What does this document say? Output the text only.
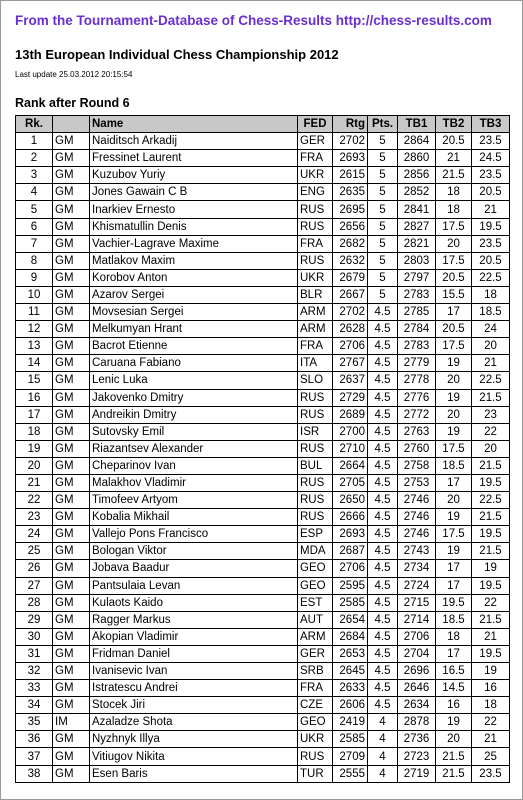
From the Tournament-Database of Chess-Results http://chess-results.com
13th European Individual Chess Championship 2012
Last update 25.03.2012 20:15:54
Rank after Round 6
Rk.		Name	FED	Rtg	Pts.	TB1	TB2	TB3
1	GM	Naiditsch Arkadij	GER	2702	5	2864	20.5	23.5
2	GM	Fressinet Laurent	FRA	2693	5	2860	21	24.5
3	GM	Kuzubov Yuriy	UKR	2615	5	2856	21.5	23.5
4	GM	Jones Gawain C B	ENG	2635	5	2852	18	20.5
5	GM	Inarkiev Ernesto	RUS	2695	5	2841	18	21
6	GM	Khismatullin Denis	RUS	2656	5	2827	17.5	19.5
7	GM	Vachier-Lagrave Maxime	FRA	2682	5	2821	20	23.5
8	GM	Matlakov Maxim	RUS	2632	5	2803	17.5	20.5
9	GM	Korobov Anton	UKR	2679	5	2797	20.5	22.5
10	GM	Azarov Sergei	BLR	2667	5	2783	15.5	18
11	GM	Movsesian Sergei	ARM	2702	4.5	2785	17	18.5
12	GM	Melkumyan Hrant	ARM	2628	4.5	2784	20.5	24
13	GM	Bacrot Etienne	FRA	2706	4.5	2783	17.5	20
14	GM	Caruana Fabiano	ITA	2767	4.5	2779	19	21
15	GM	Lenic Luka	SLO	2637	4.5	2778	20	22.5
16	GM	Jakovenko Dmitry	RUS	2729	4.5	2776	19	21.5
17	GM	Andreikin Dmitry	RUS	2689	4.5	2772	20	23
18	GM	Sutovsky Emil	ISR	2700	4.5	2763	19	22
19	GM	Riazantsev Alexander	RUS	2710	4.5	2760	17.5	20
20	GM	Cheparinov Ivan	BUL	2664	4.5	2758	18.5	21.5
21	GM	Malakhov Vladimir	RUS	2705	4.5	2753	17	19.5
22	GM	Timofeev Artyom	RUS	2650	4.5	2746	20	22.5
23	GM	Kobalia Mikhail	RUS	2666	4.5	2746	19	21.5
24	GM	Vallejo Pons Francisco	ESP	2693	4.5	2746	17.5	19.5
25	GM	Bologan Viktor	MDA	2687	4.5	2743	19	21.5
26	GM	Jobava Baadur	GEO	2706	4.5	2734	17	19
27	GM	Pantsulaia Levan	GEO	2595	4.5	2724	17	19.5
28	GM	Kulaots Kaido	EST	2585	4.5	2715	19.5	22
29	GM	Ragger Markus	AUT	2654	4.5	2714	18.5	21.5
30	GM	Akopian Vladimir	ARM	2684	4.5	2706	18	21
31	GM	Fridman Daniel	GER	2653	4.5	2704	17	19.5
32	GM	Ivanisevic Ivan	SRB	2645	4.5	2696	16.5	19
33	GM	Istratescu Andrei	FRA	2633	4.5	2646	14.5	16
34	GM	Stocek Jiri	CZE	2606	4.5	2634	16	18
35	IM	Azaladze Shota	GEO	2419	4	2878	19	22
36	GM	Nyzhnyk Illya	UKR	2585	4	2736	20	21
37	GM	Vitiugov Nikita	RUS	2709	4	2723	21.5	25
38	GM	Esen Baris	TUR	2555	4	2719	21.5	23.5
